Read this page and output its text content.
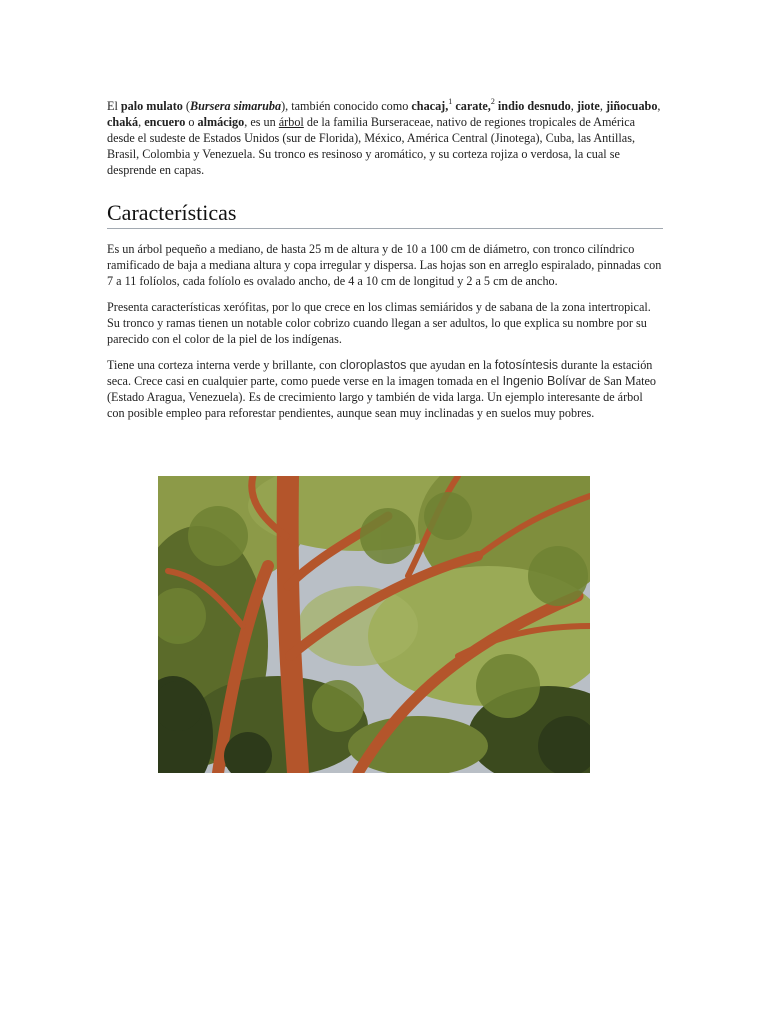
El palo mulato (Bursera simaruba), también conocido como chacaj,$^1$ carate,$^2$ indio desnudo, jiote, jiñocuabo, chaká, encuero o almácigo, es un árbol de la familia Burseraceae, nativo de regiones tropicales de América desde el sudeste de Estados Unidos (sur de Florida), México, América Central (Jinotega), Cuba, las Antillas, Brasil, Colombia y Venezuela. Su tronco es resinoso y aromático, y su corteza rojiza o verdosa, la cual se desprende en capas.

Características

Es un árbol pequeño a mediano, de hasta 25 m de altura y de 10 a 100 cm de diámetro, con tronco cilíndrico ramificado de baja a mediana altura y copa irregular y dispersa. Las hojas son en arreglo espiralado, pinnadas con 7 a 11 folíolos, cada folíolo es ovalado ancho, de 4 a 10 cm de longitud y 2 a 5 cm de ancho.

Presenta características xerófitas, por lo que crece en los climas semiáridos y de sabana de la zona intertropical. Su tronco y ramas tienen un notable color cobrizo cuando llegan a ser adultos, lo que explica su nombre por su parecido con el color de la piel de los indígenas.

Tiene una corteza interna verde y brillante, con cloroplastos que ayudan en la fotosíntesis durante la estación seca. Crece casi en cualquier parte, como puede verse en la imagen tomada en el Ingenio Bolívar de San Mateo (Estado Aragua, Venezuela). Es de crecimiento largo y también de vida larga. Un ejemplo interesante de árbol con posible empleo para reforestar pendientes, aunque sean muy inclinadas y en suelos muy pobres.
